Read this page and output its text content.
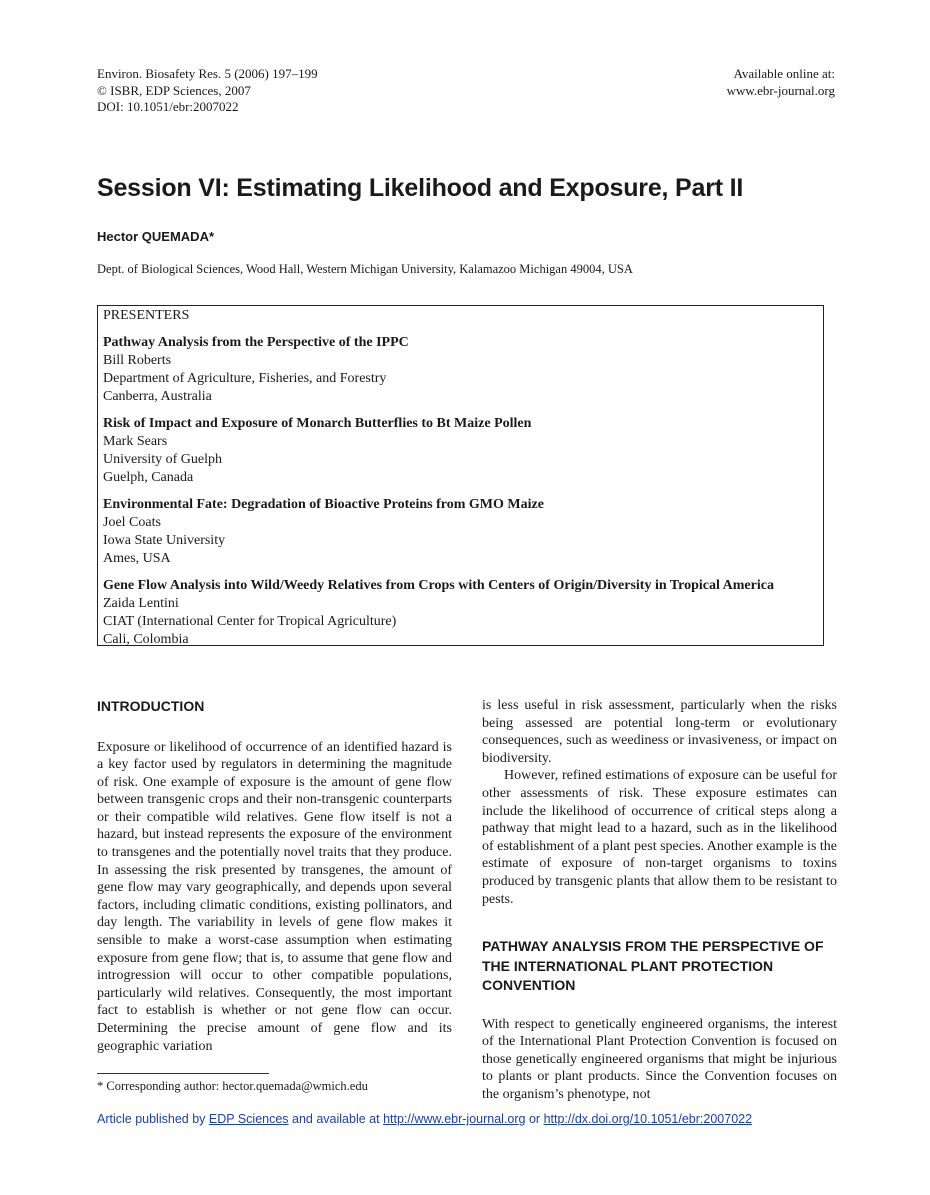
Environ. Biosafety Res. 5 (2006) 197–199
© ISBR, EDP Sciences, 2007
DOI: 10.1051/ebr:2007022
Available online at:
www.ebr-journal.org
Session VI: Estimating Likelihood and Exposure, Part II
Hector QUEMADA*
Dept. of Biological Sciences, Wood Hall, Western Michigan University, Kalamazoo Michigan 49004, USA
PRESENTERS
Pathway Analysis from the Perspective of the IPPC
Bill Roberts
Department of Agriculture, Fisheries, and Forestry
Canberra, Australia
Risk of Impact and Exposure of Monarch Butterflies to Bt Maize Pollen
Mark Sears
University of Guelph
Guelph, Canada
Environmental Fate: Degradation of Bioactive Proteins from GMO Maize
Joel Coats
Iowa State University
Ames, USA
Gene Flow Analysis into Wild/Weedy Relatives from Crops with Centers of Origin/Diversity in Tropical America
Zaida Lentini
CIAT (International Center for Tropical Agriculture)
Cali, Colombia
INTRODUCTION

Exposure or likelihood of occurrence of an identified hazard is a key factor used by regulators in determining the magnitude of risk. One example of exposure is the amount of gene flow between transgenic crops and their non-transgenic counterparts or their compatible wild relatives. Gene flow itself is not a hazard, but instead represents the exposure of the environment to transgenes and the potentially novel traits that they produce. In assessing the risk presented by transgenes, the amount of gene flow may vary geographically, and depends upon several factors, including climatic conditions, existing pollinators, and day length. The variability in levels of gene flow makes it sensible to make a worst-case assumption when estimating exposure from gene flow; that is, to assume that gene flow and introgression will occur to other compatible populations, particularly wild relatives. Consequently, the most important fact to establish is whether or not gene flow can occur. Determining the precise amount of gene flow and its geographic variation

is less useful in risk assessment, particularly when the risks being assessed are potential long-term or evolutionary consequences, such as weediness or invasiveness, or impact on biodiversity.

However, refined estimations of exposure can be useful for other assessments of risk. These exposure estimates can include the likelihood of occurrence of critical steps along a pathway that might lead to a hazard, such as in the likelihood of establishment of a plant pest species. Another example is the estimate of exposure of non-target organisms to toxins produced by transgenic plants that allow them to be resistant to pests.

PATHWAY ANALYSIS FROM THE PERSPECTIVE OF THE INTERNATIONAL PLANT PROTECTION CONVENTION

With respect to genetically engineered organisms, the interest of the International Plant Protection Convention is focused on those genetically engineered organisms that might be injurious to plants or plant products. Since the Convention focuses on the organism’s phenotype, not

* Corresponding author: hector.quemada@wmich.edu
Article published by EDP Sciences and available at http://www.ebr-journal.org or http://dx.doi.org/10.1051/ebr:2007022
